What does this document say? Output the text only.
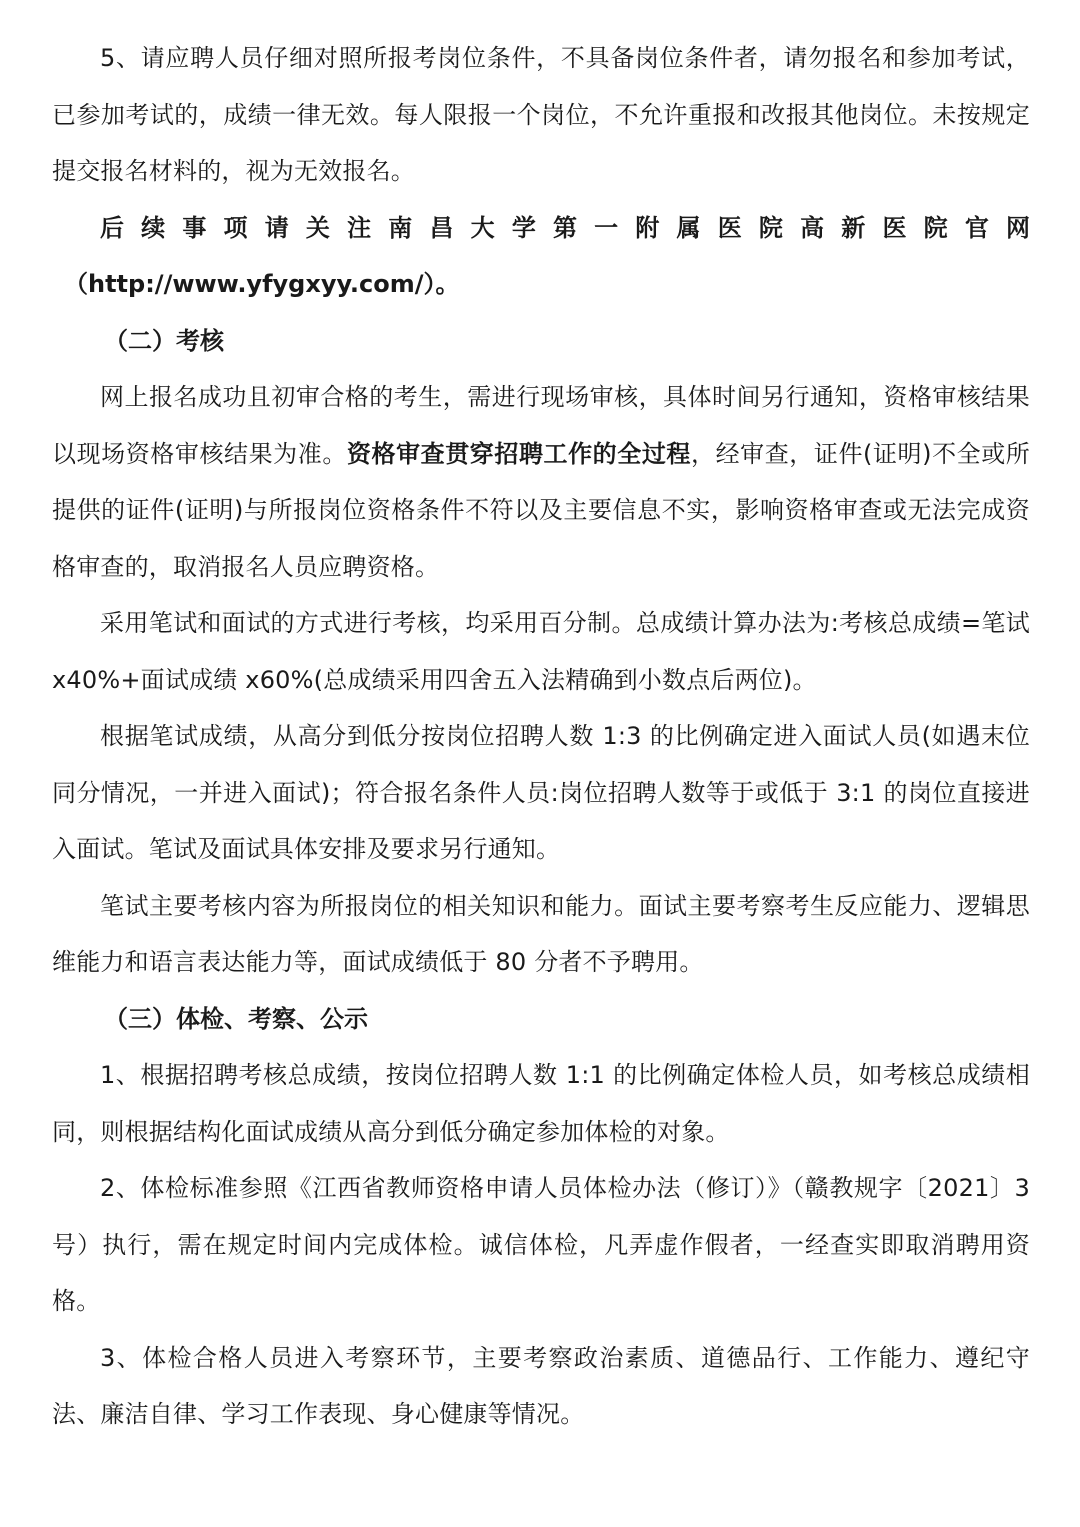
5、请应聘人员仔细对照所报考岗位条件，不具备岗位条件者，请勿报名和参加考试，已参加考试的，成绩一律无效。每人限报一个岗位，不允许重报和改报其他岗位。未按规定提交报名材料的，视为无效报名。

后续事项请关注南昌大学第一附属医院高新医院官网

（http://www.yfygxyy.com/）。

（二）考核

网上报名成功且初审合格的考生，需进行现场审核，具体时间另行通知，资格审核结果以现场资格审核结果为准。资格审查贯穿招聘工作的全过程，经审查，证件(证明)不全或所提供的证件(证明)与所报岗位资格条件不符以及主要信息不实，影响资格审查或无法完成资格审查的，取消报名人员应聘资格。

采用笔试和面试的方式进行考核，均采用百分制。总成绩计算办法为:考核总成绩=笔试 x40%+面试成绩 x60%(总成绩采用四舍五入法精确到小数点后两位)。

根据笔试成绩，从高分到低分按岗位招聘人数 1:3 的比例确定进入面试人员(如遇末位同分情况，一并进入面试)；符合报名条件人员:岗位招聘人数等于或低于 3:1 的岗位直接进入面试。笔试及面试具体安排及要求另行通知。

笔试主要考核内容为所报岗位的相关知识和能力。面试主要考察考生反应能力、逻辑思维能力和语言表达能力等，面试成绩低于 80 分者不予聘用。

（三）体检、考察、公示

1、根据招聘考核总成绩，按岗位招聘人数 1:1 的比例确定体检人员，如考核总成绩相同，则根据结构化面试成绩从高分到低分确定参加体检的对象。

2、体检标准参照《江西省教师资格申请人员体检办法（修订）》（赣教规字〔2021〕3 号）执行，需在规定时间内完成体检。诚信体检，凡弄虚作假者，一经查实即取消聘用资格。

3、体检合格人员进入考察环节，主要考察政治素质、道德品行、工作能力、遵纪守法、廉洁自律、学习工作表现、身心健康等情况。
